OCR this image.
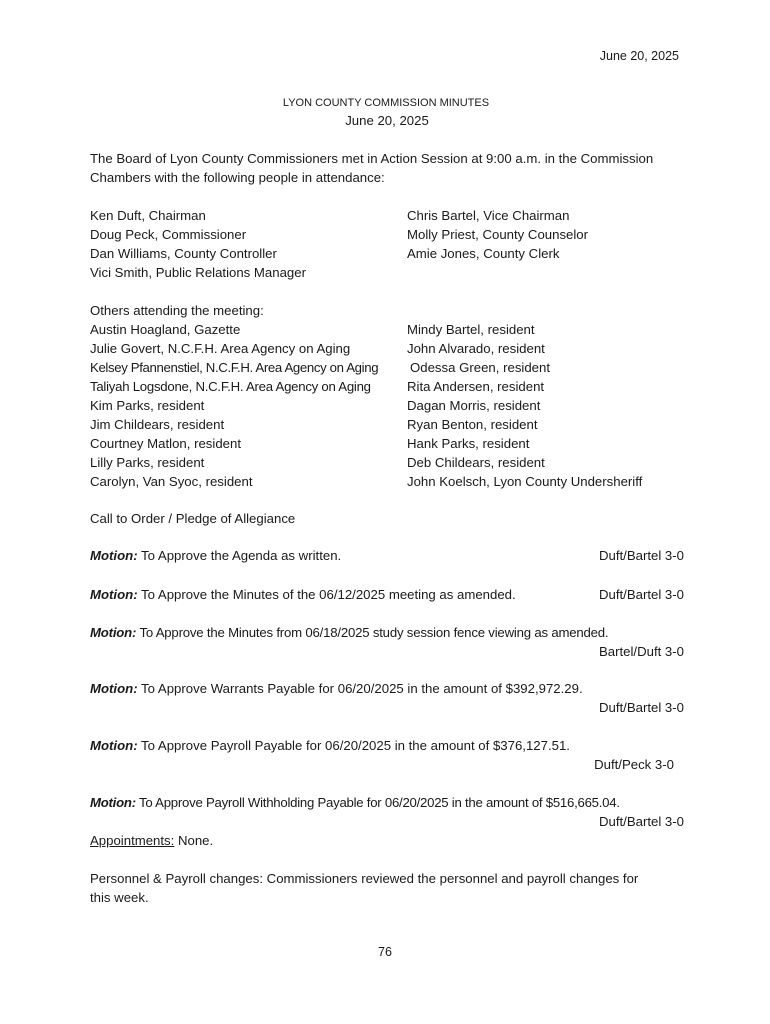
June 20, 2025
LYON COUNTY COMMISSION MINUTES
June 20, 2025
The Board of Lyon County Commissioners met in Action Session at 9:00 a.m. in the Commission
Chambers with the following people in attendance:
Ken Duft, Chairman	Chris Bartel, Vice Chairman
Doug Peck, Commissioner	Molly Priest, County Counselor
Dan Williams, County Controller	Amie Jones, County Clerk
Vici Smith, Public Relations Manager
Others attending the meeting:
Austin Hoagland, Gazette	Mindy Bartel, resident
Julie Govert, N.C.F.H. Area Agency on Aging	John Alvarado, resident
Kelsey Pfannenstiel, N.C.F.H. Area Agency on Aging Odessa Green, resident
Taliyah Logsdone, N.C.F.H. Area Agency on Aging	Rita Andersen, resident
Kim Parks, resident	Dagan Morris, resident
Jim Childears, resident	Ryan Benton, resident
Courtney Matlon, resident	Hank Parks, resident
Lilly Parks, resident	Deb Childears, resident
Carolyn, Van Syoc, resident	John Koelsch, Lyon County Undersheriff
Call to Order / Pledge of Allegiance
Motion: To Approve the Agenda as written.	Duft/Bartel 3-0
Motion: To Approve the Minutes of the 06/12/2025 meeting as amended.	Duft/Bartel 3-0
Motion: To Approve the Minutes from 06/18/2025 study session fence viewing as amended.
Bartel/Duft 3-0
Motion: To Approve Warrants Payable for 06/20/2025 in the amount of $392,972.29.
Duft/Bartel 3-0
Motion: To Approve Payroll Payable for 06/20/2025 in the amount of $376,127.51.
Duft/Peck 3-0
Motion: To Approve Payroll Withholding Payable for 06/20/2025 in the amount of $516,665.04.
Duft/Bartel 3-0
Appointments: None.
Personnel & Payroll changes: Commissioners reviewed the personnel and payroll changes for
this week.
76
